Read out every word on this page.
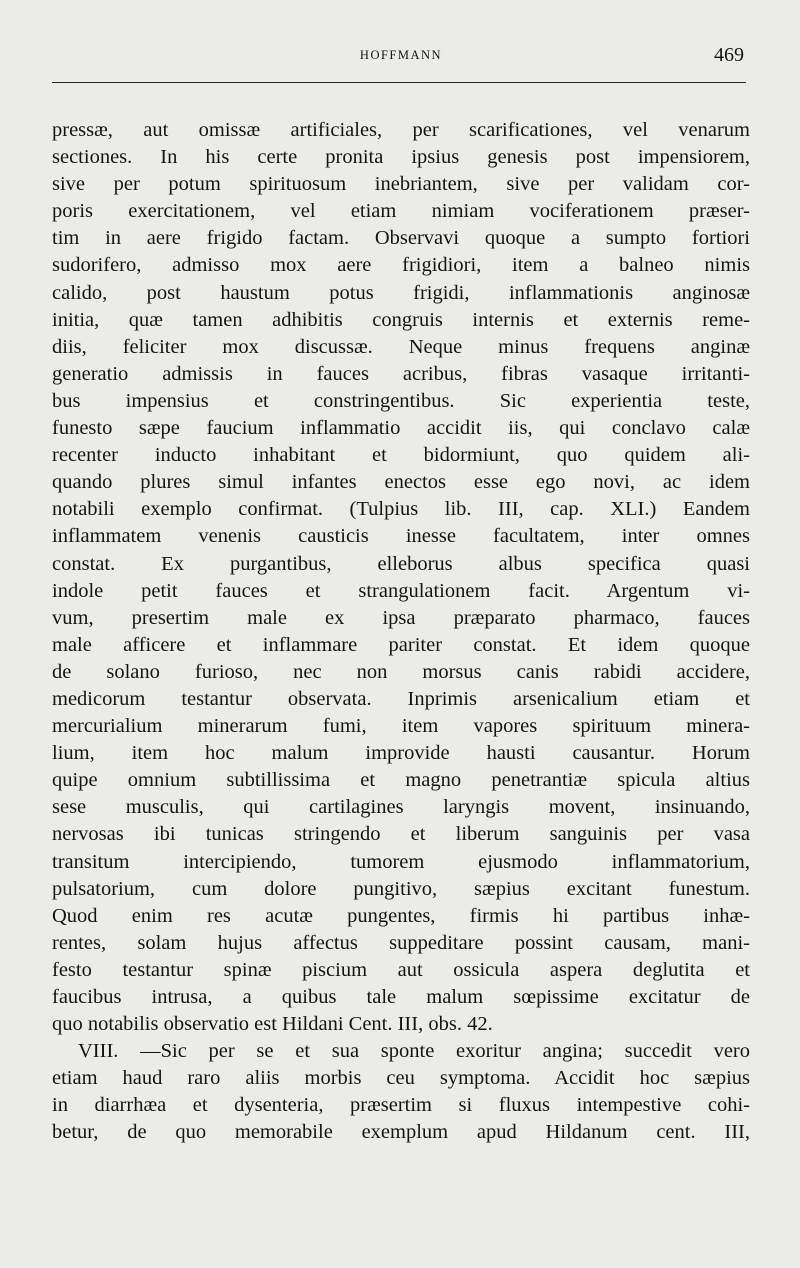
HOFFMANN	469
pressæ, aut omissæ artificiales, per scarificationes, vel venarum
sectiones. In his certe pronita ipsius genesis post impensiorem,
sive per potum spirituosum inebriantem, sive per validam cor-
poris exercitationem, vel etiam nimiam vociferationem præser-
tim in aere frigido factam. Observavi quoque a sumpto fortiori
sudorifero, admisso mox aere frigidiori, item a balneo nimis
calido, post haustum potus frigidi, inflammationis anginosæ
initia, quæ tamen adhibitis congruis internis et externis reme-
diis, feliciter mox discussæ. Neque minus frequens anginæ
generatio admissis in fauces acribus, fibras vasaque irritanti-
bus impensius et constringentibus. Sic experientia teste,
funesto sæpe faucium inflammatio accidit iis, qui conclavo calæ
recenter inducto inhabitant et bidormiunt, quo quidem ali-
quando plures simul infantes enectos esse ego novi, ac idem
notabili exemplo confirmat. (Tulpius lib. III, cap. XLI.) Eandem
inflammatem venenis causticis inesse facultatem, inter omnes
constat. Ex purgantibus, elleborus albus specifica quasi
indole petit fauces et strangulationem facit. Argentum vi-
vum, presertim male ex ipsa præparato pharmaco, fauces
male afficere et inflammare pariter constat. Et idem quoque
de solano furioso, nec non morsus canis rabidi accidere,
medicorum testantur observata. Inprimis arsenicalium etiam et
mercurialium minerarum fumi, item vapores spirituum minera-
lium, item hoc malum improvide hausti causantur. Horum
quipe omnium subtillissima et magno penetrantiæ spicula altius
sese musculis, qui cartilagines laryngis movent, insinuando,
nervosas ibi tunicas stringendo et liberum sanguinis per vasa
transitum intercipiendo, tumorem ejusmodo inflammatorium,
pulsatorium, cum dolore pungitivo, sæpius excitant funestum.
Quod enim res acutæ pungentes, firmis hi partibus inhæ-
rentes, solam hujus affectus suppeditare possint causam, mani-
festo testantur spinæ piscium aut ossicula aspera deglutita et
faucibus intrusa, a quibus tale malum sœpissime excitatur de
quo notabilis observatio est Hildani Cent. III, obs. 42.
VIII. —Sic per se et sua sponte exoritur angina; succedit vero
etiam haud raro aliis morbis ceu symptoma. Accidit hoc sæpius
in diarrhæa et dysenteria, præsertim si fluxus intempestive cohi-
betur, de quo memorabile exemplum apud Hildanum cent. III,
